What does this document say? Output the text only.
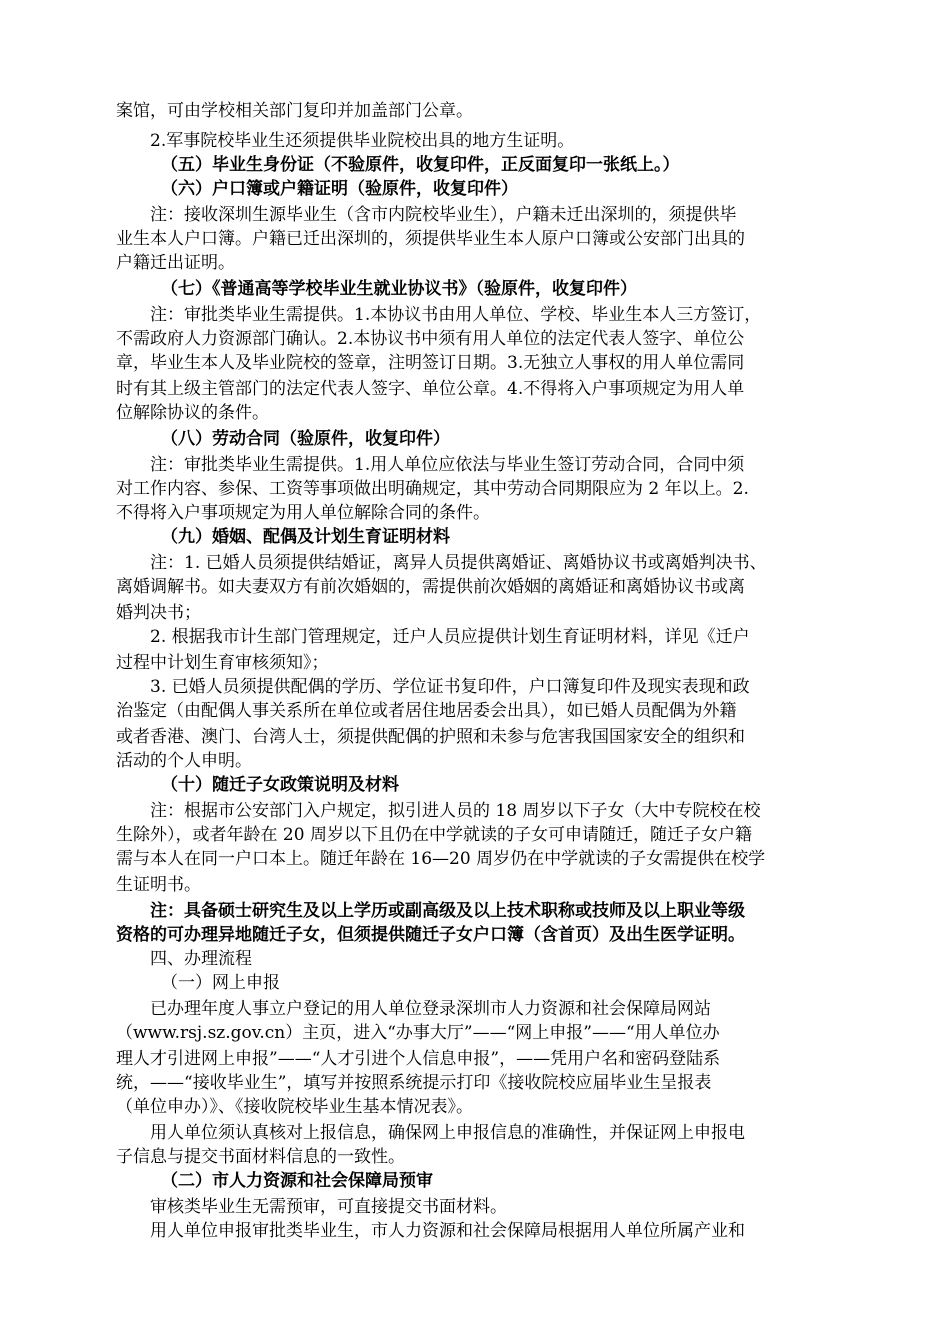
案馆，可由学校相关部门复印并加盖部门公章。
2.军事院校毕业生还须提供毕业院校出具的地方生证明。
（五）毕业生身份证（不验原件，收复印件，正反面复印一张纸上。）
（六）户口簿或户籍证明（验原件，收复印件）
注：接收深圳生源毕业生（含市内院校毕业生），户籍未迁出深圳的，须提供毕
业生本人户口簿。户籍已迁出深圳的，须提供毕业生本人原户口簿或公安部门出具的
户籍迁出证明。
（七）《普通高等学校毕业生就业协议书》（验原件，收复印件）
注：审批类毕业生需提供。1.本协议书由用人单位、学校、毕业生本人三方签订，
不需政府人力资源部门确认。2.本协议书中须有用人单位的法定代表人签字、单位公
章，毕业生本人及毕业院校的签章，注明签订日期。3.无独立人事权的用人单位需同
时有其上级主管部门的法定代表人签字、单位公章。4.不得将入户事项规定为用人单
位解除协议的条件。
（八）劳动合同（验原件，收复印件）
注：审批类毕业生需提供。1.用人单位应依法与毕业生签订劳动合同，合同中须
对工作内容、参保、工资等事项做出明确规定，其中劳动合同期限应为 2 年以上。2.
不得将入户事项规定为用人单位解除合同的条件。
（九）婚姻、配偶及计划生育证明材料
注：1. 已婚人员须提供结婚证，离异人员提供离婚证、离婚协议书或离婚判决书、
离婚调解书。如夫妻双方有前次婚姻的，需提供前次婚姻的离婚证和离婚协议书或离
婚判决书；
2. 根据我市计生部门管理规定，迁户人员应提供计划生育证明材料，详见《迁户
过程中计划生育审核须知》；
3. 已婚人员须提供配偶的学历、学位证书复印件，户口簿复印件及现实表现和政
治鉴定（由配偶人事关系所在单位或者居住地居委会出具），如已婚人员配偶为外籍
或者香港、澳门、台湾人士，须提供配偶的护照和未参与危害我国国家安全的组织和
活动的个人申明。
（十）随迁子女政策说明及材料
注：根据市公安部门入户规定，拟引进人员的 18 周岁以下子女（大中专院校在校
生除外），或者年龄在 20 周岁以下且仍在中学就读的子女可申请随迁，随迁子女户籍
需与本人在同一户口本上。随迁年龄在 16—20 周岁仍在中学就读的子女需提供在校学
生证明书。
注：具备硕士研究生及以上学历或副高级及以上技术职称或技师及以上职业等级
资格的可办理异地随迁子女，但须提供随迁子女户口簿（含首页）及出生医学证明。
四、办理流程
（一）网上申报
已办理年度人事立户登记的用人单位登录深圳市人力资源和社会保障局网站
（www.rsj.sz.gov.cn）主页，进入“办事大厅”——“网上申报”——“用人单位办
理人才引进网上申报”——“人才引进个人信息申报”，——凭用户名和密码登陆系
统，——“接收毕业生”，填写并按照系统提示打印《接收院校应届毕业生呈报表
（单位申办）》、《接收院校毕业生基本情况表》。
用人单位须认真核对上报信息，确保网上申报信息的准确性，并保证网上申报电
子信息与提交书面材料信息的一致性。
（二）市人力资源和社会保障局预审
审核类毕业生无需预审，可直接提交书面材料。
用人单位申报审批类毕业生，市人力资源和社会保障局根据用人单位所属产业和
